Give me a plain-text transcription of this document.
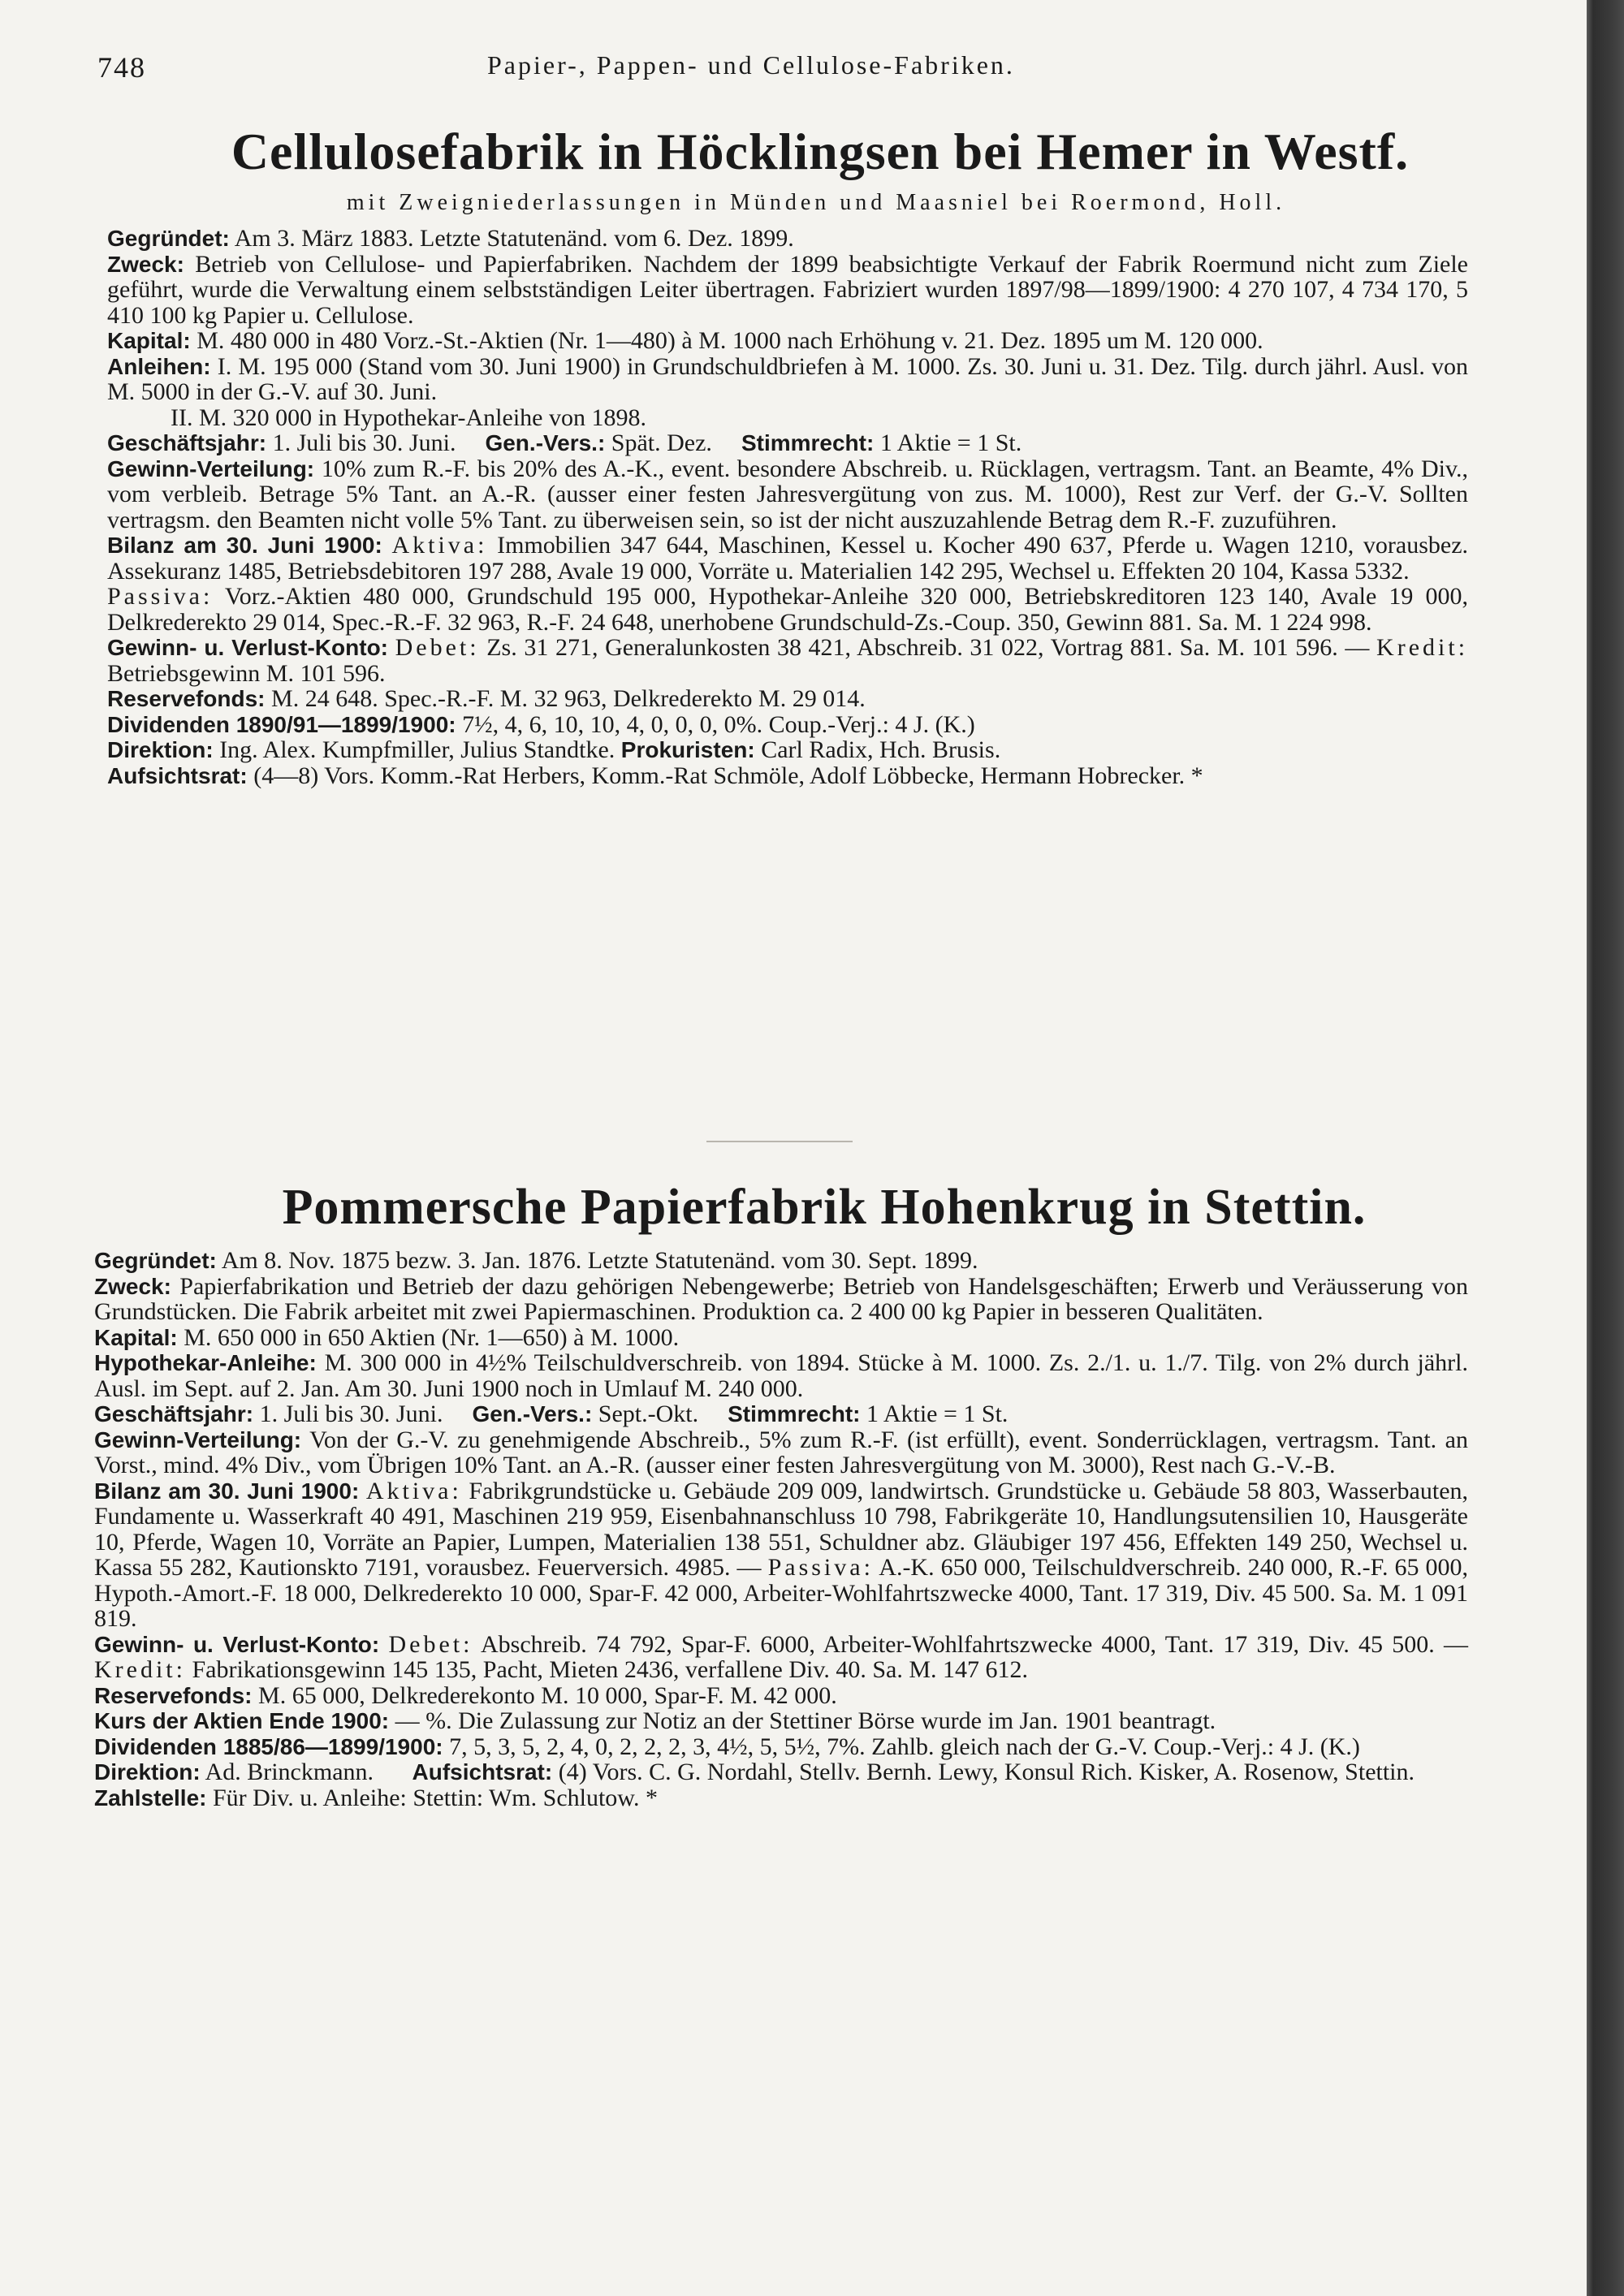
748	Papier-, Pappen- und Cellulose-Fabriken.
Cellulosefabrik in Höcklingsen bei Hemer in Westf.
mit Zweigniederlassungen in Münden und Maasniel bei Roermond, Holl.

Gegründet: Am 3. März 1883. Letzte Statutenänd. vom 6. Dez. 1899.

Zweck: Betrieb von Cellulose- und Papierfabriken. Nachdem der 1899 beabsichtigte Verkauf der Fabrik Roermund nicht zum Ziele geführt, wurde die Verwaltung einem selbstständigen Leiter übertragen. Fabriziert wurden 1897/98—1899/1900: 4 270 107, 4 734 170, 5 410 100 kg Papier u. Cellulose.

Kapital: M. 480 000 in 480 Vorz.-St.-Aktien (Nr. 1—480) à M. 1000 nach Erhöhung v. 21. Dez. 1895 um M. 120 000.

Anleihen: I. M. 195 000 (Stand vom 30. Juni 1900) in Grundschuldbriefen à M. 1000. Zs. 30. Juni u. 31. Dez. Tilg. durch jährl. Ausl. von M. 5000 in der G.-V. auf 30. Juni.
II. M. 320 000 in Hypothekar-Anleihe von 1898.

Geschäftsjahr: 1. Juli bis 30. Juni. Gen.-Vers.: Spät. Dez. Stimmrecht: 1 Aktie = 1 St.

Gewinn-Verteilung: 10% zum R.-F. bis 20% des A.-K., event. besondere Abschreib. u. Rücklagen, vertragsm. Tant. an Beamte, 4% Div., vom verbleib. Betrage 5% Tant. an A.-R. (ausser einer festen Jahresvergütung von zus. M. 1000), Rest zur Verf. der G.-V. Sollten vertragsm. den Beamten nicht volle 5% Tant. zu überweisen sein, so ist der nicht auszuzahlende Betrag dem R.-F. zuzuführen.

Bilanz am 30. Juni 1900: Aktiva: Immobilien 347 644, Maschinen, Kessel u. Kocher 490 637, Pferde u. Wagen 1210, vorausbez. Assekuranz 1485, Betriebsdebitoren 197 288, Avale 19 000, Vorräte u. Materialien 142 295, Wechsel u. Effekten 20 104, Kassa 5332. Passiva: Vorz.-Aktien 480 000, Grundschuld 195 000, Hypothekar-Anleihe 320 000, Betriebskreditoren 123 140, Avale 19 000, Delkrederekto 29 014, Spec.-R.-F. 32 963, R.-F. 24 648, unerhobene Grundschuld-Zs.-Coup. 350, Gewinn 881. Sa. M. 1 224 998.

Gewinn- u. Verlust-Konto: Debet: Zs. 31 271, Generalunkosten 38 421, Abschreib. 31 022, Vortrag 881. Sa. M. 101 596. — Kredit: Betriebsgewinn M. 101 596.

Reservefonds: M. 24 648. Spec.-R.-F. M. 32 963, Delkrederekto M. 29 014.

Dividenden 1890/91—1899/1900: 7½, 4, 6, 10, 10, 4, 0, 0, 0, 0%. Coup.-Verj.: 4 J. (K.)

Direktion: Ing. Alex. Kumpfmiller, Julius Standtke. Prokuristen: Carl Radix, Hch. Brusis.

Aufsichtsrat: (4—8) Vors. Komm.-Rat Herbers, Komm.-Rat Schmöle, Adolf Löbbecke, Hermann Hobrecker. *

Pommersche Papierfabrik Hohenkrug in Stettin.

Gegründet: Am 8. Nov. 1875 bezw. 3. Jan. 1876. Letzte Statutenänd. vom 30. Sept. 1899.

Zweck: Papierfabrikation und Betrieb der dazu gehörigen Nebengewerbe; Betrieb von Handelsgeschäften; Erwerb und Veräusserung von Grundstücken. Die Fabrik arbeitet mit zwei Papiermaschinen. Produktion ca. 2 400 00 kg Papier in besseren Qualitäten.

Kapital: M. 650 000 in 650 Aktien (Nr. 1—650) à M. 1000.

Hypothekar-Anleihe: M. 300 000 in 4½% Teilschuldverschreib. von 1894. Stücke à M. 1000. Zs. 2./1. u. 1./7. Tilg. von 2% durch jährl. Ausl. im Sept. auf 2. Jan. Am 30. Juni 1900 noch in Umlauf M. 240 000.

Geschäftsjahr: 1. Juli bis 30. Juni. Gen.-Vers.: Sept.-Okt. Stimmrecht: 1 Aktie = 1 St.

Gewinn-Verteilung: Von der G.-V. zu genehmigende Abschreib., 5% zum R.-F. (ist erfüllt), event. Sonderrücklagen, vertragsm. Tant. an Vorst., mind. 4% Div., vom Übrigen 10% Tant. an A.-R. (ausser einer festen Jahresvergütung von M. 3000), Rest nach G.-V.-B.

Bilanz am 30. Juni 1900: Aktiva: Fabrikgrundstücke u. Gebäude 209 009, landwirtsch. Grundstücke u. Gebäude 58 803, Wasserbauten, Fundamente u. Wasserkraft 40 491, Maschinen 219 959, Eisenbahnanschluss 10 798, Fabrikgeräte 10, Handlungsutensilien 10, Hausgeräte 10, Pferde, Wagen 10, Vorräte an Papier, Lumpen, Materialien 138 551, Schuldner abz. Gläubiger 197 456, Effekten 149 250, Wechsel u. Kassa 55 282, Kautionskto 7191, vorausbez. Feuerversich. 4985. — Passiva: A.-K. 650 000, Teilschuldverschreib. 240 000, R.-F. 65 000, Hypoth.-Amort.-F. 18 000, Delkrederekto 10 000, Spar-F. 42 000, Arbeiter-Wohlfahrtszwecke 4000, Tant. 17 319, Div. 45 500. Sa. M. 1 091 819.

Gewinn- u. Verlust-Konto: Debet: Abschreib. 74 792, Spar-F. 6000, Arbeiter-Wohlfahrtszwecke 4000, Tant. 17 319, Div. 45 500. — Kredit: Fabrikationsgewinn 145 135, Pacht, Mieten 2436, verfallene Div. 40. Sa. M. 147 612.

Reservefonds: M. 65 000, Delkrederekonto M. 10 000, Spar-F. M. 42 000.

Kurs der Aktien Ende 1900: — %. Die Zulassung zur Notiz an der Stettiner Börse wurde im Jan. 1901 beantragt.

Dividenden 1885/86—1899/1900: 7, 5, 3, 5, 2, 4, 0, 2, 2, 2, 3, 4½, 5, 5½, 7%. Zahlb. gleich nach der G.-V. Coup.-Verj.: 4 J. (K.)

Direktion: Ad. Brinckmann. Aufsichtsrat: (4) Vors. C. G. Nordahl, Stellv. Bernh. Lewy, Konsul Rich. Kisker, A. Rosenow, Stettin.

Zahlstelle: Für Div. u. Anleihe: Stettin: Wm. Schlutow. *
